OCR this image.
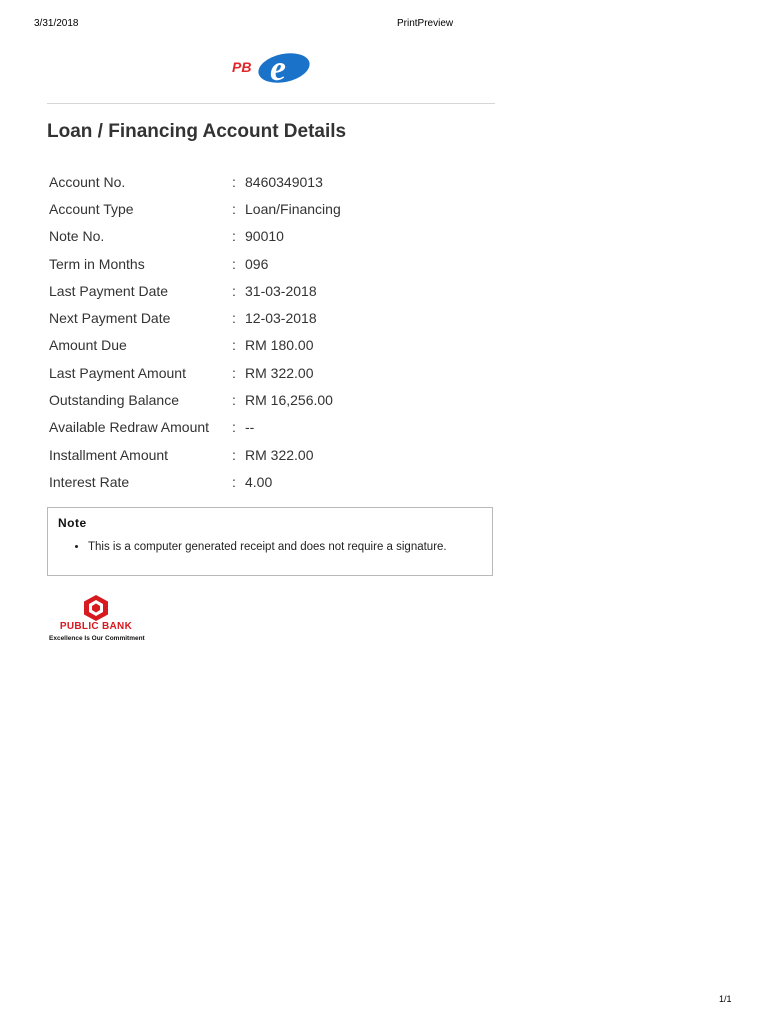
3/31/2018	PrintPreview
e
PB
Loan / Financing Account Details
Account No.	: 8460349013
Account Type	: Loan/Financing
Note No.	: 90010
Term in Months	: 096
Last Payment Date	: 31-03-2018
Next Payment Date	: 12-03-2018
Amount Due	: RM 180.00
Last Payment Amount	: RM 322.00
Outstanding Balance	: RM 16,256.00
Available Redraw Amount	: --
Installment Amount	: RM 322.00
Interest Rate	: 4.00
Note
• This is a computer generated receipt and does not require a signature.
PUBLIC BANK
Excellence Is Our Commitment
1/1
